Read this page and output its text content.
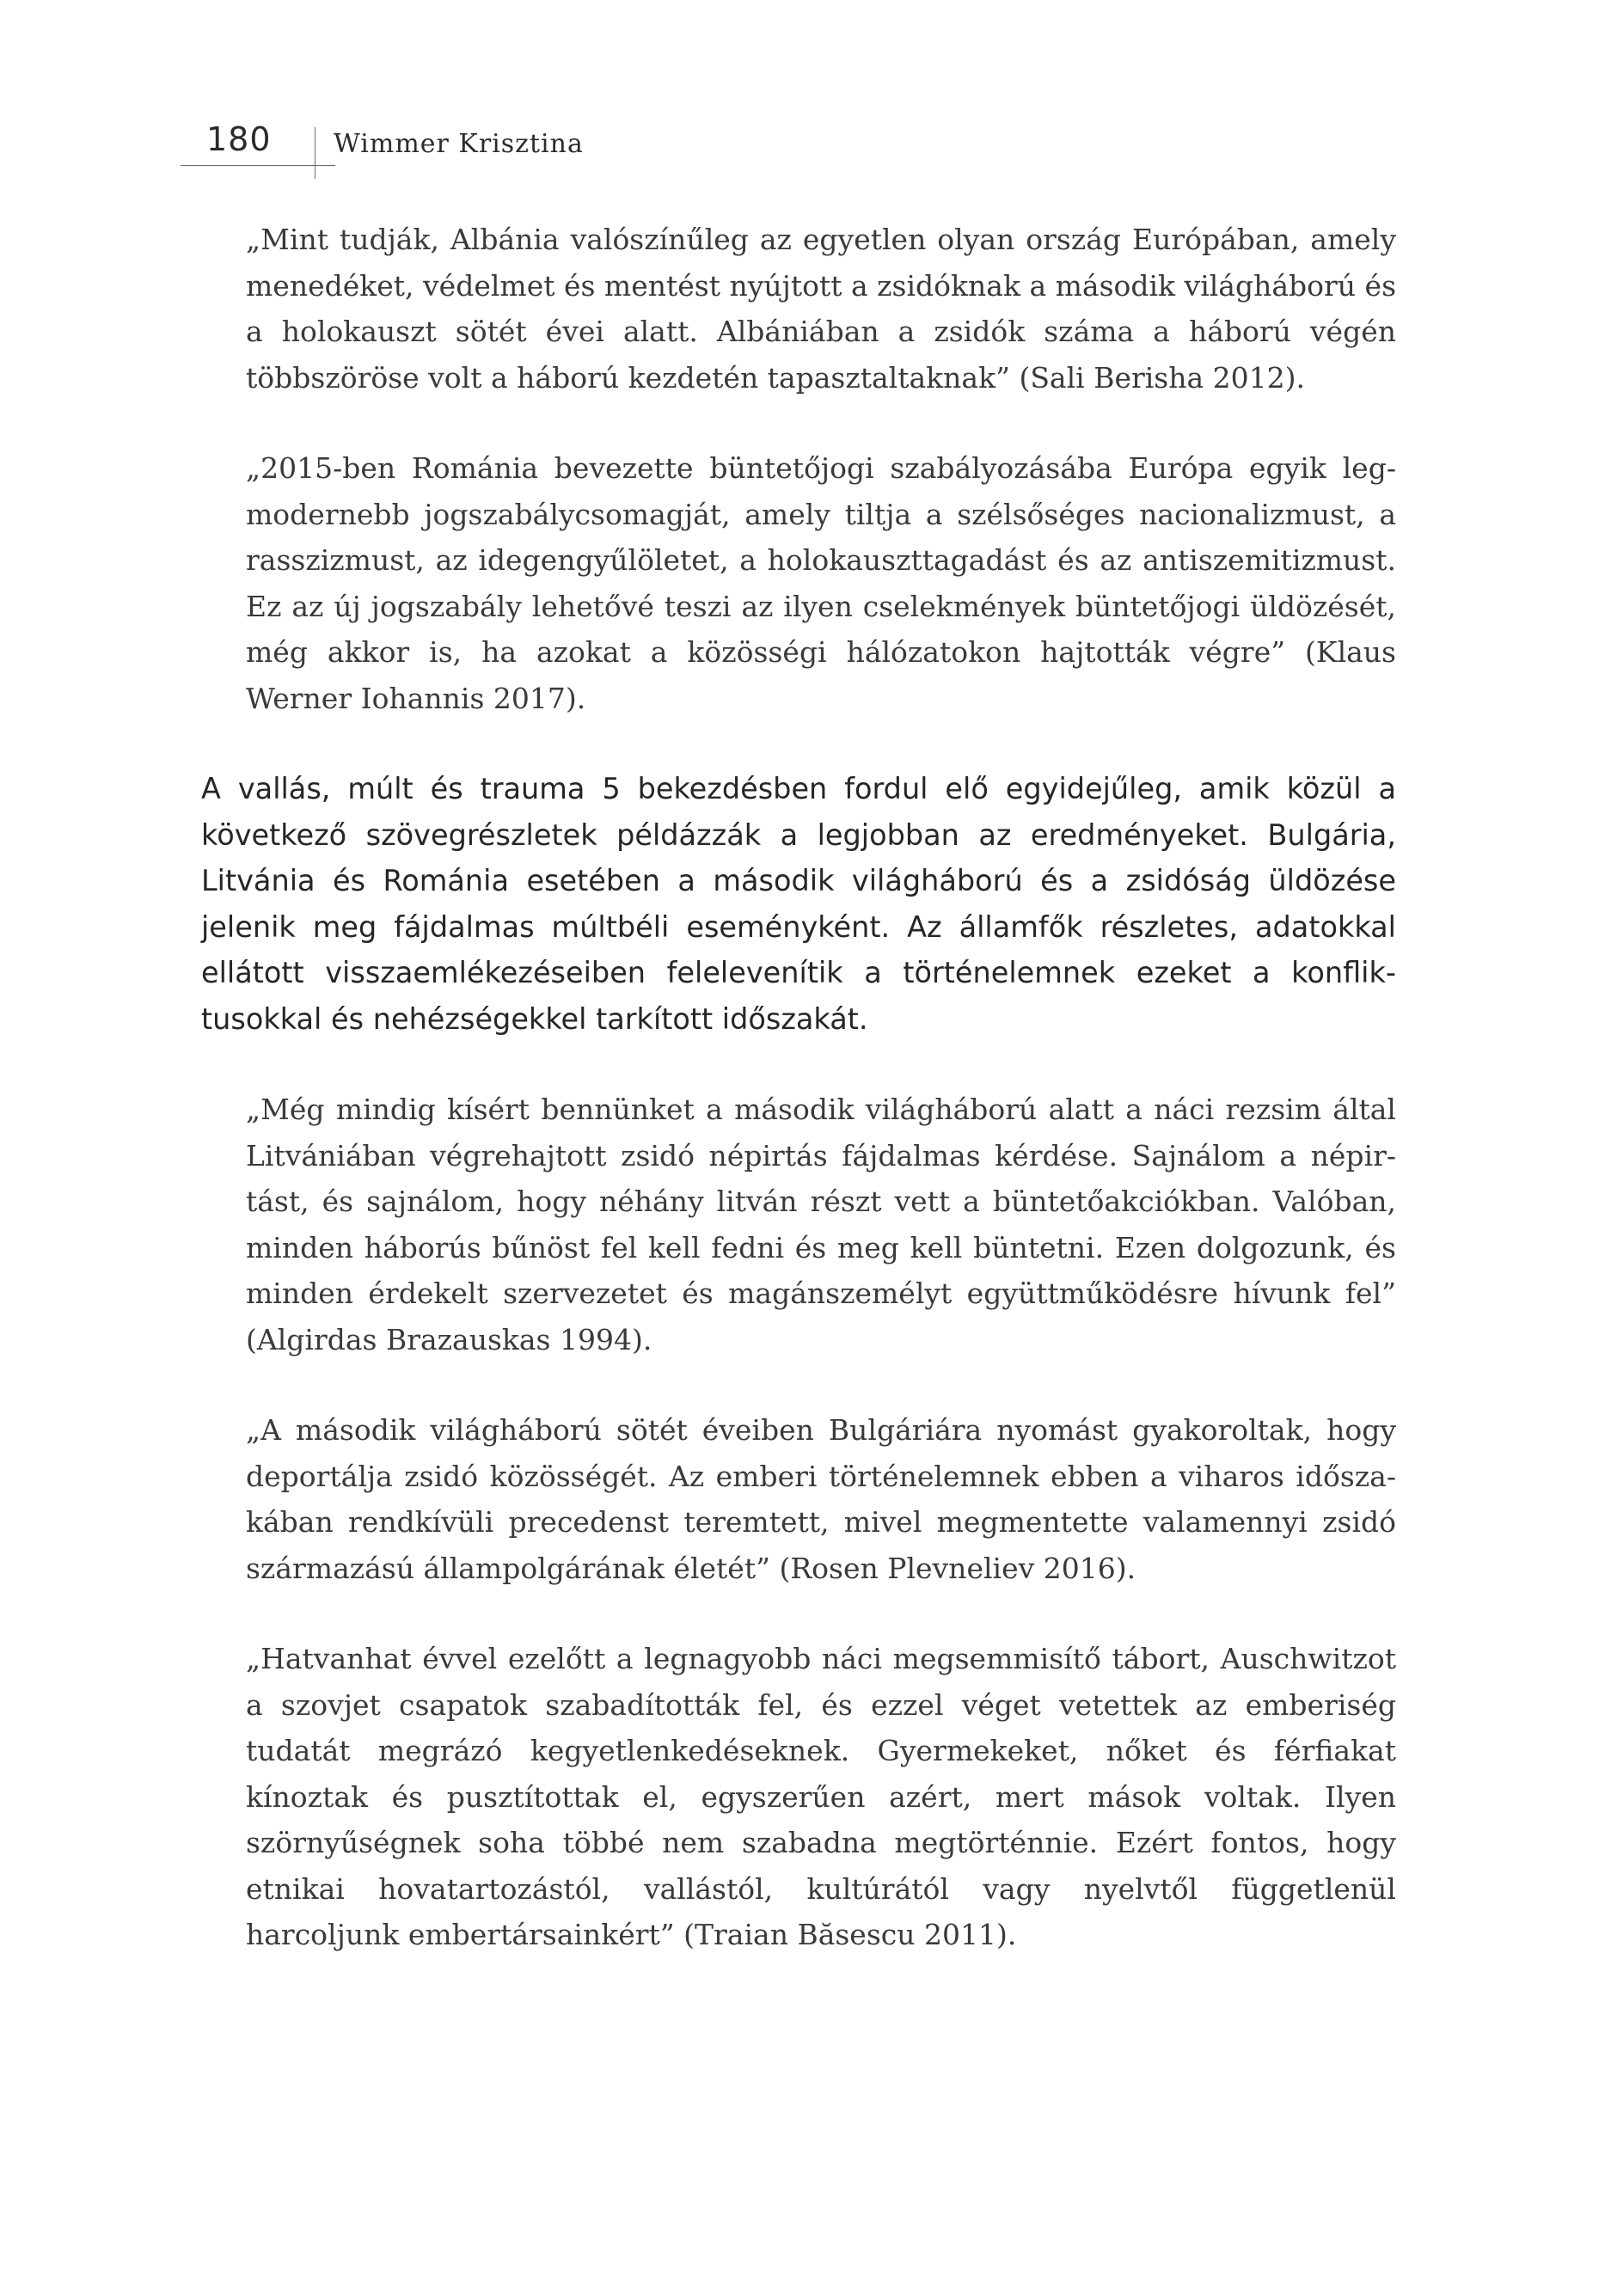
180 Wimmer Krisztina

„Mint tudják, Albánia valószínűleg az egyetlen olyan ország Európában, amely menedéket, védelmet és mentést nyújtott a zsidóknak a második világháború és a holokauszt sötét évei alatt. Albániában a zsidók száma a háború végén többszöröse volt a háború kezdetén tapasztaltaknak” (Sali Berisha 2012).

„2015-ben Románia bevezette büntetőjogi szabályozásába Európa egyik legmodernebb jogszabálycsomagját, amely tiltja a szélsőséges nacionalizmust, a rasszizmust, az idegengyűlöletet, a holokauszttagadást és az antiszemitizmust. Ez az új jogszabály lehetővé teszi az ilyen cselekmények büntetőjogi üldözését, még akkor is, ha azokat a közösségi hálózatokon hajtották végre” (Klaus Werner Iohannis 2017).

A vallás, múlt és trauma 5 bekezdésben fordul elő egyidejűleg, amik közül a következő szövegrészletek példázzák a legjobban az eredményeket. Bulgária, Litvánia és Románia esetében a második világháború és a zsidóság üldözése jelenik meg fájdalmas múltbéli eseményként. Az államfők részletes, adatokkal ellátott visszaemlékezéseiben felelevenítik a történelemnek ezeket a konfliktusokkal és nehézségekkel tarkított időszakát.

„Még mindig kísért bennünket a második világháború alatt a náci rezsim által Litvániában végrehajtott zsidó népirtás fájdalmas kérdése. Sajnálom a népirtást, és sajnálom, hogy néhány litván részt vett a büntetőakciókban. Valóban, minden háborús bűnöst fel kell fedni és meg kell büntetni. Ezen dolgozunk, és minden érdekelt szervezetet és magánszemélyt együttműködésre hívunk fel” (Algirdas Brazauskas 1994).

„A második világháború sötét éveiben Bulgáriára nyomást gyakoroltak, hogy deportálja zsidó közösségét. Az emberi történelemnek ebben a viharos időszakában rendkívüli precedenst teremtett, mivel megmentette valamennyi zsidó származású állampolgárának életét” (Rosen Plevneliev 2016).

„Hatvanhat évvel ezelőtt a legnagyobb náci megsemmisítő tábort, Auschwitzot a szovjet csapatok szabadították fel, és ezzel véget vetettek az emberiség tudatát megrázó kegyetlenkedéseknek. Gyermekeket, nőket és férfiakat kínoztak és pusztítottak el, egyszerűen azért, mert mások voltak. Ilyen szörnyűségnek soha többé nem szabadna megtörténnie. Ezért fontos, hogy etnikai hovatartozástól, vallástól, kultúrától vagy nyelvtől függetlenül harcoljunk embertársainkért” (Traian Băsescu 2011).
